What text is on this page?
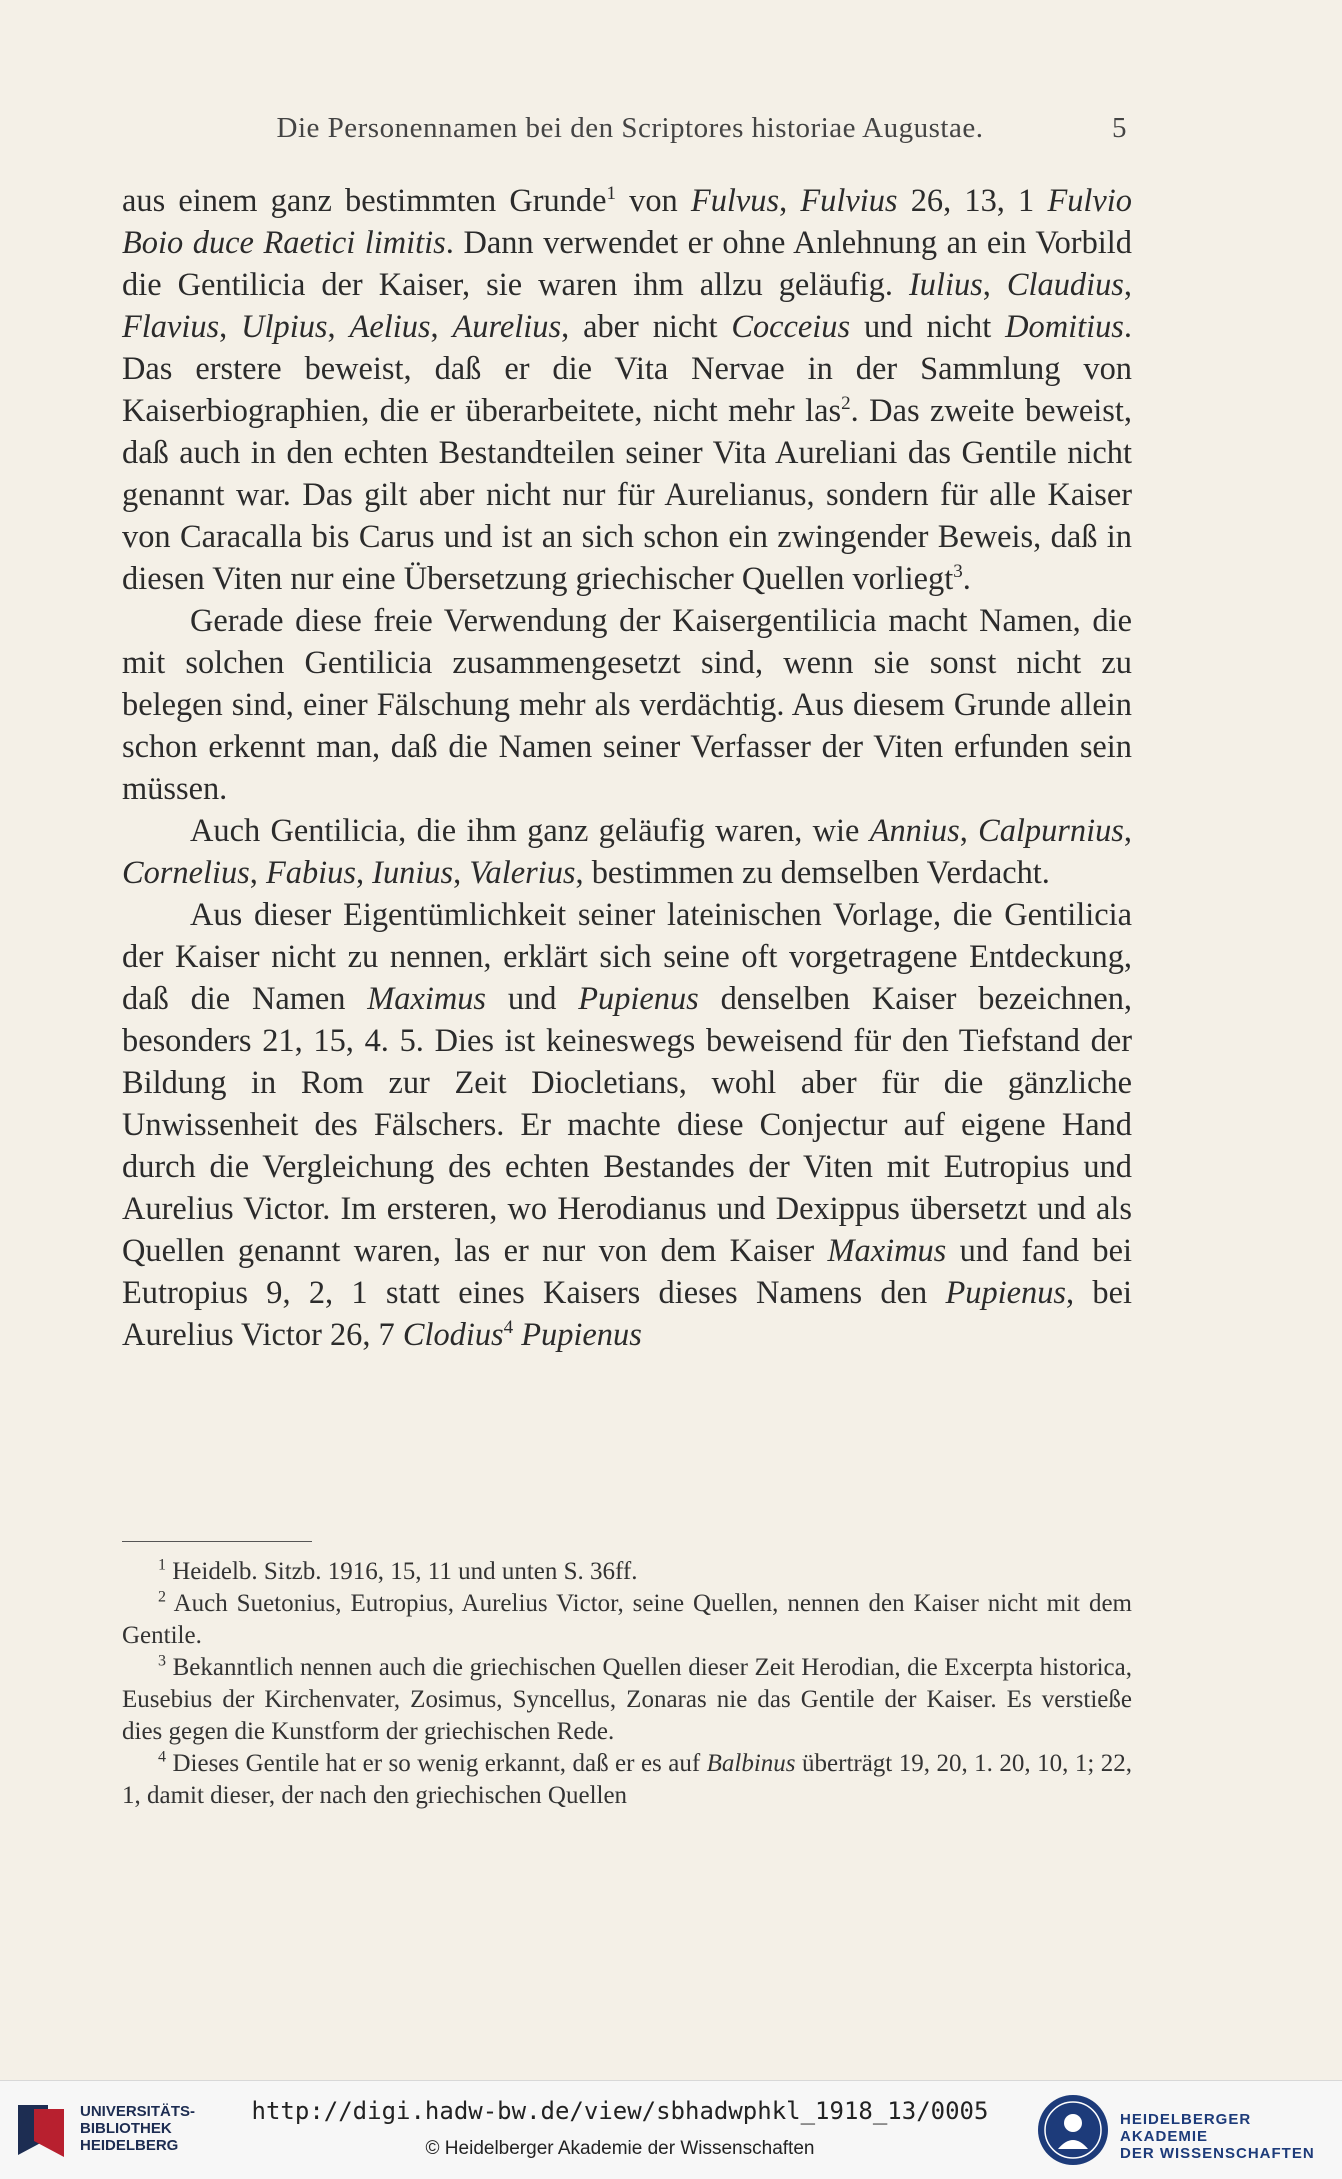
Die Personennamen bei den Scriptores historiae Augustae.	5

aus einem ganz bestimmten Grunde$^1$ von Fulvus, Fulvius 26, 13, 1 Fulvio Boio duce Raetici limitis. Dann verwendet er ohne Anlehnung an ein Vorbild die Gentilicia der Kaiser, sie waren ihm allzu geläufig. Iulius, Claudius, Flavius, Ulpius, Aelius, Aurelius, aber nicht Cocceius und nicht Domitius. Das erstere beweist, daß er die Vita Nervae in der Sammlung von Kaiserbiographien, die er überarbeitete, nicht mehr las$^2$. Das zweite beweist, daß auch in den echten Bestandteilen seiner Vita Aureliani das Gentile nicht genannt war. Das gilt aber nicht nur für Aurelianus, sondern für alle Kaiser von Caracalla bis Carus und ist an sich schon ein zwingender Beweis, daß in diesen Viten nur eine Übersetzung griechischer Quellen vorliegt$^3$.

Gerade diese freie Verwendung der Kaisergentilicia macht Namen, die mit solchen Gentilicia zusammengesetzt sind, wenn sie sonst nicht zu belegen sind, einer Fälschung mehr als verdächtig. Aus diesem Grunde allein schon erkennt man, daß die Namen seiner Verfasser der Viten erfunden sein müssen.

Auch Gentilicia, die ihm ganz geläufig waren, wie Annius, Calpurnius, Cornelius, Fabius, Iunius, Valerius, bestimmen zu demselben Verdacht.

Aus dieser Eigentümlichkeit seiner lateinischen Vorlage, die Gentilicia der Kaiser nicht zu nennen, erklärt sich seine oft vorgetragene Entdeckung, daß die Namen Maximus und Pupienus denselben Kaiser bezeichnen, besonders 21, 15, 4. 5. Dies ist keineswegs beweisend für den Tiefstand der Bildung in Rom zur Zeit Diocletians, wohl aber für die gänzliche Unwissenheit des Fälschers. Er machte diese Conjectur auf eigene Hand durch die Vergleichung des echten Bestandes der Viten mit Eutropius und Aurelius Victor. Im ersteren, wo Herodianus und Dexippus übersetzt und als Quellen genannt waren, las er nur von dem Kaiser Maximus und fand bei Eutropius 9, 2, 1 statt eines Kaisers dieses Namens den Pupienus, bei Aurelius Victor 26, 7 Clodius$^4$ Pupienus

$^1$ Heidelb. Sitzb. 1916, 15, 11 und unten S. 36ff.

$^2$ Auch Suetonius, Eutropius, Aurelius Victor, seine Quellen, nennen den Kaiser nicht mit dem Gentile.

$^3$ Bekanntlich nennen auch die griechischen Quellen dieser Zeit Herodian, die Excerpta historica, Eusebius der Kirchenvater, Zosimus, Syncellus, Zonaras nie das Gentile der Kaiser. Es verstieße dies gegen die Kunstform der griechischen Rede.

$^4$ Dieses Gentile hat er so wenig erkannt, daß er es auf Balbinus überträgt 19, 20, 1. 20, 10, 1; 22, 1, damit dieser, der nach den griechischen Quellen

UNIVERSITÄTS-
BIBLIOTHEK
HEIDELBERG
http://digi.hadw-bw.de/view/sbhadwphkl_1918_13/0005
© Heidelberger Akademie der Wissenschaften
HEIDELBERGER AKADEMIE
DER WISSENSCHAFTEN
